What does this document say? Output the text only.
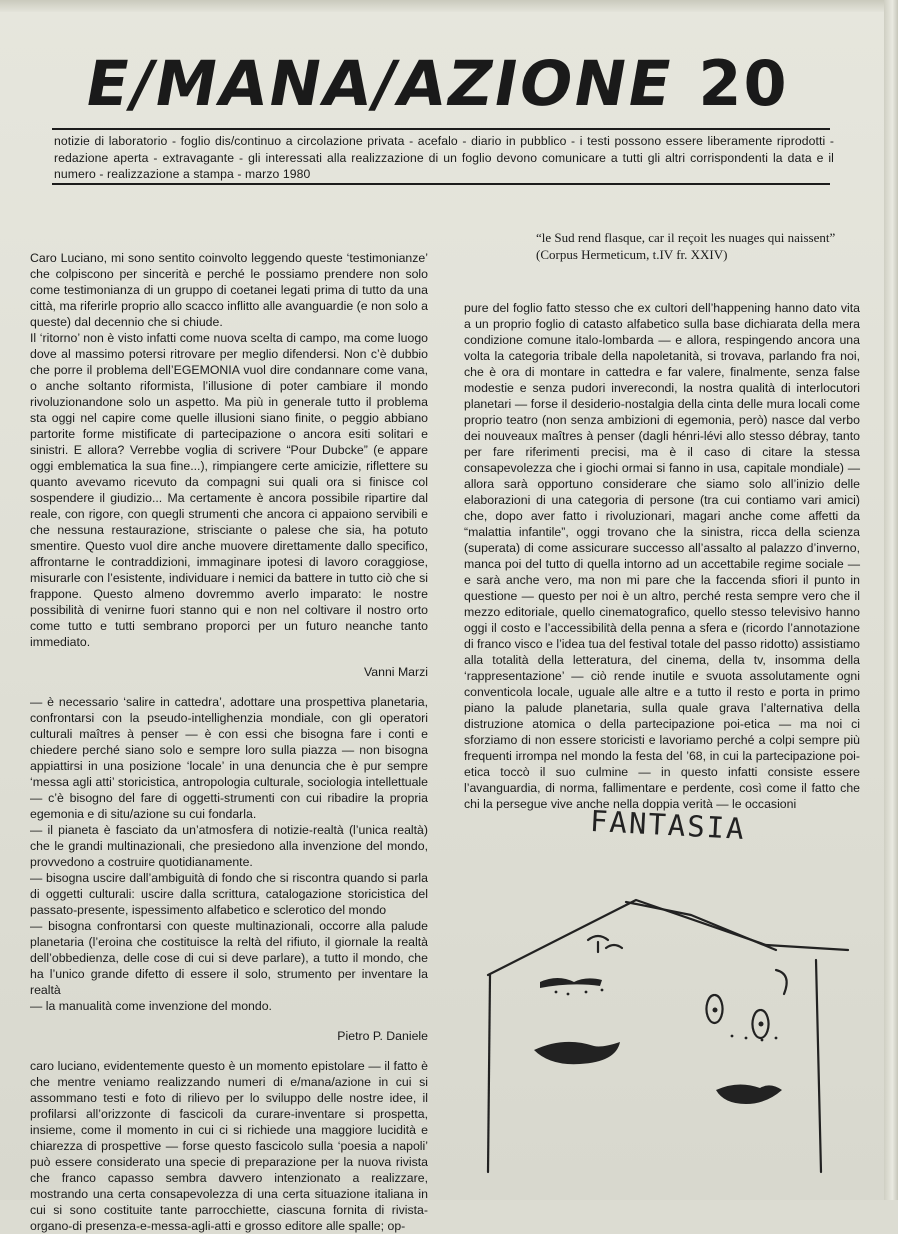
E/MANA/AZIONE 20
notizie di laboratorio - foglio dis/continuo a circolazione privata - acefalo - diario in pubblico - i testi possono essere liberamente riprodotti - redazione aperta - extravagante - gli interessati alla realizzazione di un foglio devono comunicare a tutti gli altri corrispondenti la data e il numero - realizzazione a stampa - marzo 1980
“le Sud rend flasque, car il reçoit les nuages qui naissent” (Corpus Hermeticum, t.IV fr. XXIV)

Caro Luciano, mi sono sentito coinvolto leggendo queste ‘testimonianze’ che colpiscono per sincerità e perché le possiamo prendere non solo come testimonianza di un gruppo di coetanei legati prima di tutto da una città, ma riferirle proprio allo scacco inflitto alle avanguardie (e non solo a queste) dal decennio che si chiude.

Il ‘ritorno’ non è visto infatti come nuova scelta di campo, ma come luogo dove al massimo potersi ritrovare per meglio difendersi. Non c’è dubbio che porre il problema dell’EGEMONIA vuol dire condannare come vana, o anche soltanto riformista, l’illusione di poter cambiare il mondo rivoluzionandone solo un aspetto. Ma più in generale tutto il problema sta oggi nel capire come quelle illusioni siano finite, o peggio abbiano partorite forme mistificate di partecipazione o ancora esiti solitari e sinistri. E allora? Verrebbe voglia di scrivere “Pour Dubcke” (e appare oggi emblematica la sua fine...), rimpiangere certe amicizie, riflettere su quanto avevamo ricevuto da compagni sui quali ora si finisce col sospendere il giudizio... Ma certamente è ancora possibile ripartire dal reale, con rigore, con quegli strumenti che ancora ci appaiono servibili e che nessuna restaurazione, strisciante o palese che sia, ha potuto smentire. Questo vuol dire anche muovere direttamente dallo specifico, affrontarne le contraddizioni, immaginare ipotesi di lavoro coraggiose, misurarle con l’esistente, individuare i nemici da battere in tutto ciò che si frappone. Questo almeno dovremmo averlo imparato: le nostre possibilità di venirne fuori stanno qui e non nel coltivare il nostro orto come tutto e tutti sembrano proporci per un futuro neanche tanto immediato.

Vanni Marzi

— è necessario ‘salire in cattedra’, adottare una prospettiva planetaria, confrontarsi con la pseudo-intellighenzia mondiale, con gli operatori culturali maîtres à penser — è con essi che bisogna fare i conti e chiedere perché siano solo e sempre loro sulla piazza — non bisogna appiattirsi in una posizione ‘locale’ in una denuncia che è pur sempre ‘messa agli atti’ storicistica, antropologia culturale, sociologia intellettuale — c’è bisogno del fare di oggetti-strumenti con cui ribadire la propria egemonia e di situ/azione su cui fondarla.

— il pianeta è fasciato da un’atmosfera di notizie-realtà (l’unica realtà) che le grandi multinazionali, che presiedono alla invenzione del mondo, provvedono a costruire quotidianamente.

— bisogna uscire dall’ambiguità di fondo che si riscontra quando si parla di oggetti culturali: uscire dalla scrittura, catalogazione storicistica del passato-presente, ispessimento alfabetico e sclerotico del mondo

— bisogna confrontarsi con queste multinazionali, occorre alla palude planetaria (l’eroina che costituisce la reltà del rifiuto, il giornale la realtà dell’obbedienza, delle cose di cui si deve parlare), a tutto il mondo, che ha l’unico grande difetto di essere il solo, strumento per inventare la realtà

— la manualità come invenzione del mondo.

Pietro P. Daniele

caro luciano, evidentemente questo è un momento epistolare — il fatto è che mentre veniamo realizzando numeri di e/mana/azione in cui si assommano testi e foto di rilievo per lo sviluppo delle nostre idee, il profilarsi all’orizzonte di fascicoli da curare-inventare si prospetta, insieme, come il momento in cui ci si richiede una maggiore lucidità e chiarezza di prospettive — forse questo fascicolo sulla ‘poesia a napoli’ può essere considerato una specie di preparazione per la nuova rivista che franco capasso sembra davvero intenzionato a realizzare, mostrando una certa consapevolezza di una certa situazione italiana in cui si sono costituite tante parrocchiette, ciascuna fornita di rivista-organo-di presenza-e-messa-agli-atti e grosso editore alle spalle; op-

pure del foglio fatto stesso che ex cultori dell’happening hanno dato vita a un proprio foglio di catasto alfabetico sulla base dichiarata della mera condizione comune italo-lombarda — e allora, respingendo ancora una volta la categoria tribale della napoletanità, si trovava, parlando fra noi, che è ora di montare in cattedra e far valere, finalmente, senza false modestie e senza pudori inverecondi, la nostra qualità di interlocutori planetari — forse il desiderio-nostalgia della cinta delle mura locali come proprio teatro (non senza ambizioni di egemonia, però) nasce dal verbo dei nouveaux maîtres à penser (dagli hénri-lévi allo stesso débray, tanto per fare riferimenti precisi, ma è il caso di citare la stessa consapevolezza che i giochi ormai si fanno in usa, capitale mondiale) — allora sarà opportuno considerare che siamo solo all’inizio delle elaborazioni di una categoria di persone (tra cui contiamo vari amici) che, dopo aver fatto i rivoluzionari, magari anche come affetti da “malattia infantile”, oggi trovano che la sinistra, ricca della scienza (superata) di come assicurare successo all’assalto al palazzo d’inverno, manca poi del tutto di quella intorno ad un accettabile regime sociale — e sarà anche vero, ma non mi pare che la faccenda sfiori il punto in questione — questo per noi è un altro, perché resta sempre vero che il mezzo editoriale, quello cinematografico, quello stesso televisivo hanno oggi il costo e l’accessibilità della penna a sfera e (ricordo l’annotazione di franco visco e l’idea tua del festival totale del passo ridotto) assistiamo alla totalità della letteratura, del cinema, della tv, insomma della ‘rappresentazione’ — ciò rende inutile e svuota assolutamente ogni conventicola locale, uguale alle altre e a tutto il resto e porta in primo piano la palude planetaria, sulla quale grava l’alternativa della distruzione atomica o della partecipazione poi-etica — ma noi ci sforziamo di non essere storicisti e lavoriamo perché a colpi sempre più frequenti irrompa nel mondo la festa del ’68, in cui la partecipazione poi-etica toccò il suo culmine — in questo infatti consiste essere l’avanguardia, di norma, fallimentare e perdente, così come il fatto che chi la persegue vive anche nella doppia verità — le occasioni

FANTASIA
